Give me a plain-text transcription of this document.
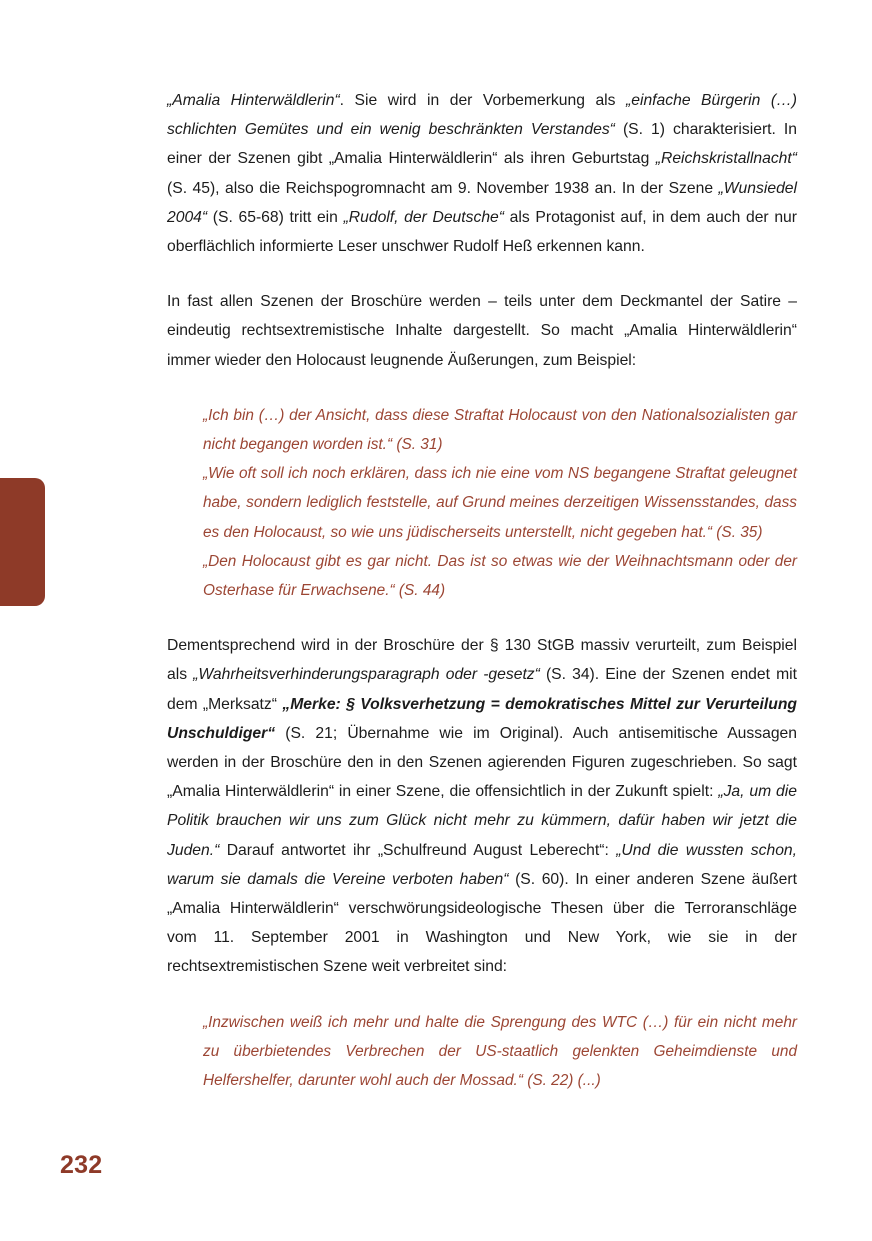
232

„Amalia Hinterwäldlerin“. Sie wird in der Vorbemerkung als „einfache Bürgerin (…) schlichten Gemütes und ein wenig beschränkten Verstandes“ (S. 1) charakterisiert. In einer der Szenen gibt „Amalia Hinterwäldlerin“ als ihren Geburtstag „Reichskristallnacht“ (S. 45), also die Reichspogromnacht am 9. November 1938 an. In der Szene „Wunsiedel 2004“ (S. 65-68) tritt ein „Rudolf, der Deutsche“ als Protagonist auf, in dem auch der nur oberflächlich informierte Leser unschwer Rudolf Heß erkennen kann.

In fast allen Szenen der Broschüre werden – teils unter dem Deckmantel der Satire – eindeutig rechtsextremistische Inhalte dargestellt. So macht „Amalia Hinterwäldlerin“ immer wieder den Holocaust leugnende Äußerungen, zum Beispiel:

„Ich bin (…) der Ansicht, dass diese Straftat Holocaust von den Nationalsozialisten gar nicht begangen worden ist.“ (S. 31)
„Wie oft soll ich noch erklären, dass ich nie eine vom NS begangene Straftat geleugnet habe, sondern lediglich feststelle, auf Grund meines derzeitigen Wissensstandes, dass es den Holocaust, so wie uns jüdischerseits unterstellt, nicht gegeben hat.“ (S. 35)
„Den Holocaust gibt es gar nicht. Das ist so etwas wie der Weihnachtsmann oder der Osterhase für Erwachsene.“ (S. 44)

Dementsprechend wird in der Broschüre der § 130 StGB massiv verurteilt, zum Beispiel als „Wahrheitsverhinderungsparagraph oder -gesetz“ (S. 34). Eine der Szenen endet mit dem „Merksatz“ „Merke: § Volksverhetzung = demokratisches Mittel zur Verurteilung Unschuldiger“ (S. 21; Übernahme wie im Original). Auch antisemitische Aussagen werden in der Broschüre den in den Szenen agierenden Figuren zugeschrieben. So sagt „Amalia Hinterwäldlerin“ in einer Szene, die offensichtlich in der Zukunft spielt: „Ja, um die Politik brauchen wir uns zum Glück nicht mehr zu kümmern, dafür haben wir jetzt die Juden.“ Darauf antwortet ihr „Schulfreund August Leberecht“: „Und die wussten schon, warum sie damals die Vereine verboten haben“ (S. 60). In einer anderen Szene äußert „Amalia Hinterwäldlerin“ verschwörungsideologische Thesen über die Terroranschläge vom 11. September 2001 in Washington und New York, wie sie in der rechtsextremistischen Szene weit verbreitet sind:

„Inzwischen weiß ich mehr und halte die Sprengung des WTC (…) für ein nicht mehr zu überbietendes Verbrechen der US-staatlich gelenkten Geheimdienste und Helfershelfer, darunter wohl auch der Mossad.“ (S. 22) (...)
